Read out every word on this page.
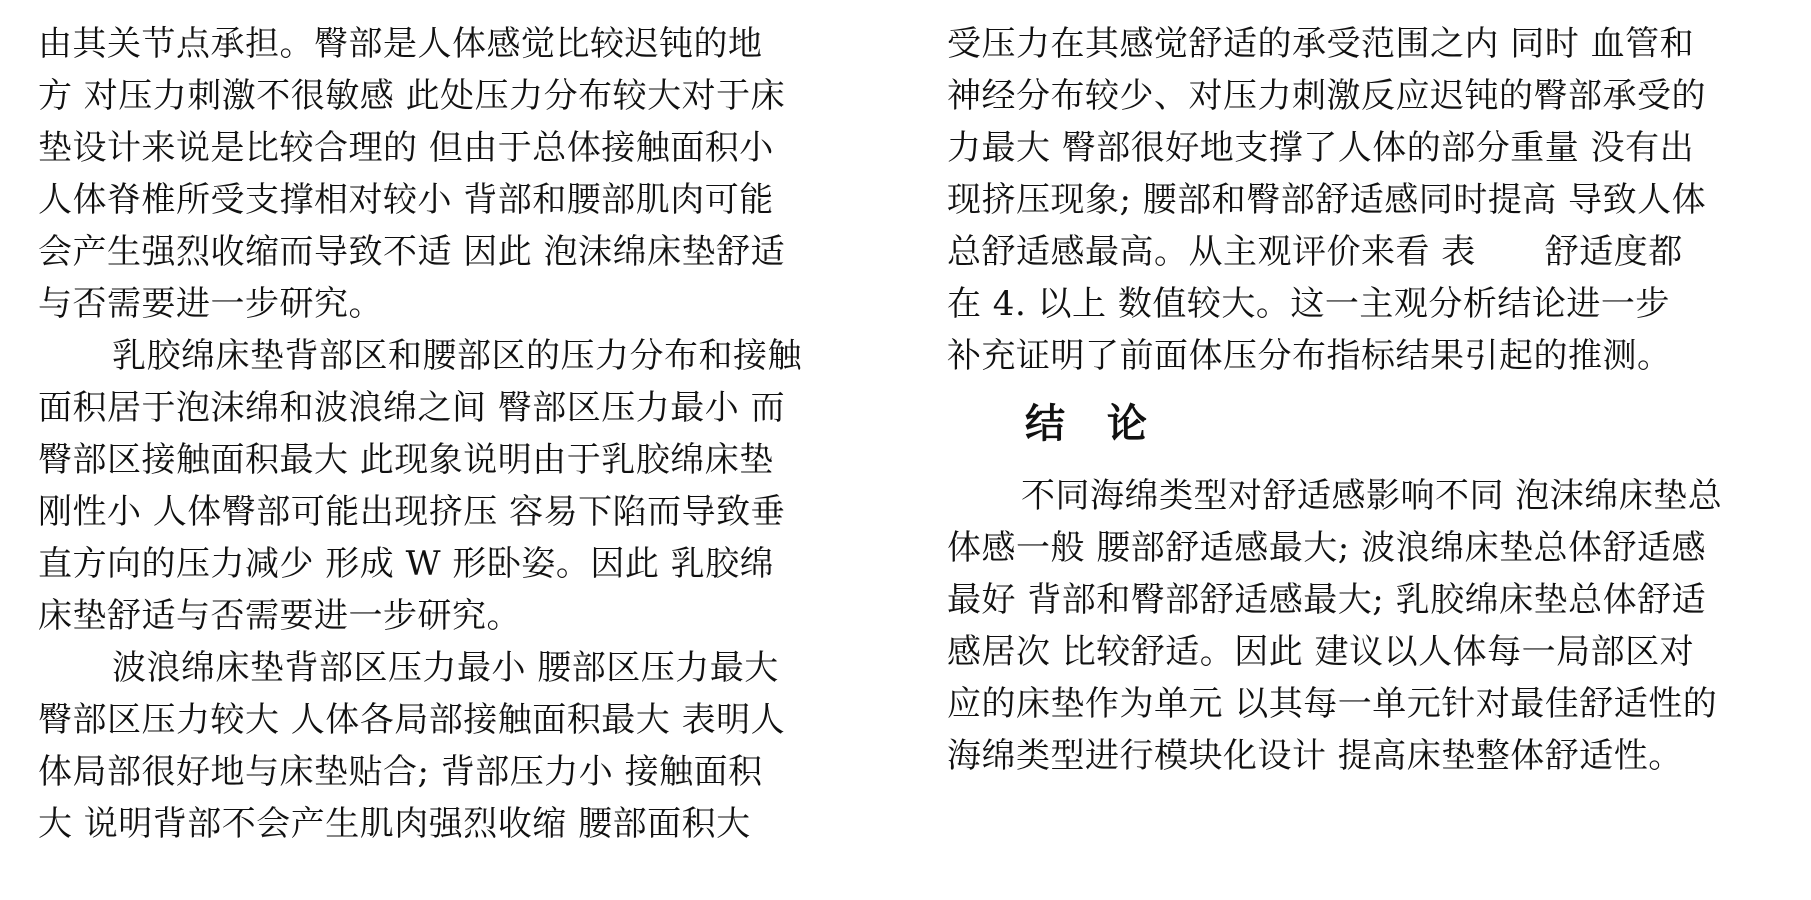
由其关节点承担。臀部是人体感觉比较迟钝的地
方 对压力刺激不很敏感 此处压力分布较大对于床
垫设计来说是比较合理的 但由于总体接触面积小
人体脊椎所受支撑相对较小 背部和腰部肌肉可能
会产生强烈收缩而导致不适 因此 泡沫绵床垫舒适
与否需要进一步研究。
乳胶绵床垫背部区和腰部区的压力分布和接触
面积居于泡沫绵和波浪绵之间 臀部区压力最小 而
臀部区接触面积最大 此现象说明由于乳胶绵床垫
刚性小 人体臀部可能出现挤压 容易下陷而导致垂
直方向的压力减少 形成 W 形卧姿。因此 乳胶绵
床垫舒适与否需要进一步研究。
波浪绵床垫背部区压力最小 腰部区压力最大
臀部区压力较大 人体各局部接触面积最大 表明人
体局部很好地与床垫贴合; 背部压力小 接触面积
大 说明背部不会产生肌肉强烈收缩 腰部面积大
受压力在其感觉舒适的承受范围之内 同时 血管和
神经分布较少、对压力刺激反应迟钝的臀部承受的
力最大 臀部很好地支撑了人体的部分重量 没有出
现挤压现象; 腰部和臀部舒适感同时提高 导致人体
总舒适感最高。从主观评价来看 表　　舒适度都
在 4. 以上 数值较大。这一主观分析结论进一步
补充证明了前面体压分布指标结果引起的推测。
结 论
不同海绵类型对舒适感影响不同 泡沫绵床垫总
体感一般 腰部舒适感最大; 波浪绵床垫总体舒适感
最好 背部和臀部舒适感最大; 乳胶绵床垫总体舒适
感居次 比较舒适。因此 建议以人体每一局部区对
应的床垫作为单元 以其每一单元针对最佳舒适性的
海绵类型进行模块化设计 提高床垫整体舒适性。
